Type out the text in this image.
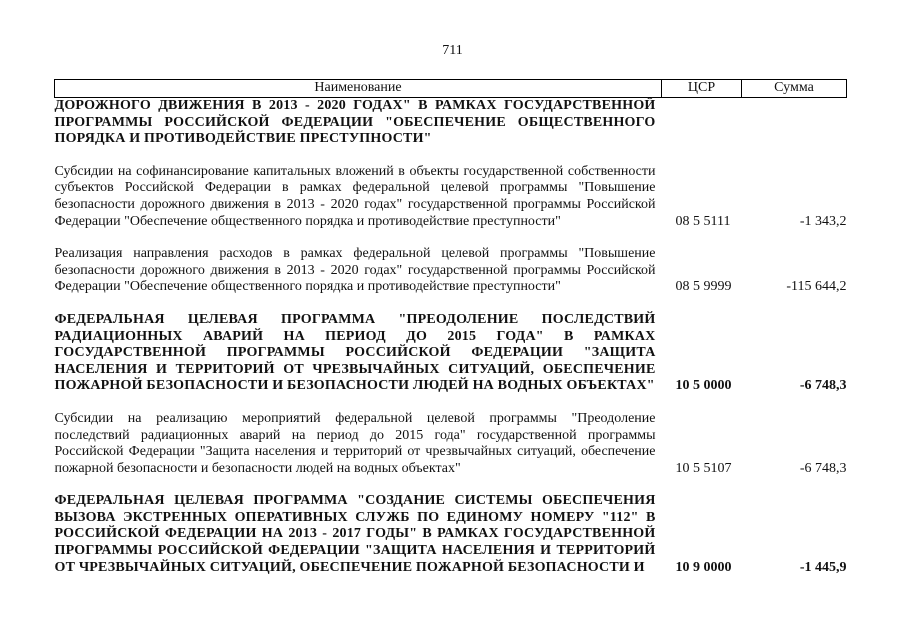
711
Наименование	ЦСР	Сумма
ДОРОЖНОГО ДВИЖЕНИЯ В 2013 - 2020 ГОДАХ" В РАМКАХ ГОСУДАРСТВЕННОЙ ПРОГРАММЫ РОССИЙСКОЙ ФЕДЕРАЦИИ "ОБЕСПЕЧЕНИЕ ОБЩЕСТВЕННОГО ПОРЯДКА И ПРОТИВОДЕЙСТВИЕ ПРЕСТУПНОСТИ"		

Субсидии на софинансирование капитальных вложений в объекты государственной собственности субъектов Российской Федерации в рамках федеральной целевой программы "Повышение безопасности дорожного движения в 2013 - 2020 годах" государственной программы Российской Федерации "Обеспечение общественного порядка и противодействие преступности"	08 5 5111	-1 343,2

Реализация направления расходов в рамках федеральной целевой программы "Повышение безопасности дорожного движения в 2013 - 2020 годах" государственной программы Российской Федерации "Обеспечение общественного порядка и противодействие преступности"	08 5 9999	-115 644,2

ФЕДЕРАЛЬНАЯ ЦЕЛЕВАЯ ПРОГРАММА "ПРЕОДОЛЕНИЕ ПОСЛЕДСТВИЙ РАДИАЦИОННЫХ АВАРИЙ НА ПЕРИОД ДО 2015 ГОДА" В РАМКАХ ГОСУДАРСТВЕННОЙ ПРОГРАММЫ РОССИЙСКОЙ ФЕДЕРАЦИИ "ЗАЩИТА НАСЕЛЕНИЯ И ТЕРРИТОРИЙ ОТ ЧРЕЗВЫЧАЙНЫХ СИТУАЦИЙ, ОБЕСПЕЧЕНИЕ ПОЖАРНОЙ БЕЗОПАСНОСТИ И БЕЗОПАСНОСТИ ЛЮДЕЙ НА ВОДНЫХ ОБЪЕКТАХ"	10 5 0000	-6 748,3

Субсидии на реализацию мероприятий федеральной целевой программы "Преодоление последствий радиационных аварий на период до 2015 года" государственной программы Российской Федерации "Защита населения и территорий от чрезвычайных ситуаций, обеспечение пожарной безопасности и безопасности людей на водных объектах"	10 5 5107	-6 748,3

ФЕДЕРАЛЬНАЯ ЦЕЛЕВАЯ ПРОГРАММА "СОЗДАНИЕ СИСТЕМЫ ОБЕСПЕЧЕНИЯ ВЫЗОВА ЭКСТРЕННЫХ ОПЕРАТИВНЫХ СЛУЖБ ПО ЕДИНОМУ НОМЕРУ "112" В РОССИЙСКОЙ ФЕДЕРАЦИИ НА 2013 - 2017 ГОДЫ" В РАМКАХ ГОСУДАРСТВЕННОЙ ПРОГРАММЫ РОССИЙСКОЙ ФЕДЕРАЦИИ "ЗАЩИТА НАСЕЛЕНИЯ И ТЕРРИТОРИЙ ОТ ЧРЕЗВЫЧАЙНЫХ СИТУАЦИЙ, ОБЕСПЕЧЕНИЕ ПОЖАРНОЙ БЕЗОПАСНОСТИ И	10 9 0000	-1 445,9
